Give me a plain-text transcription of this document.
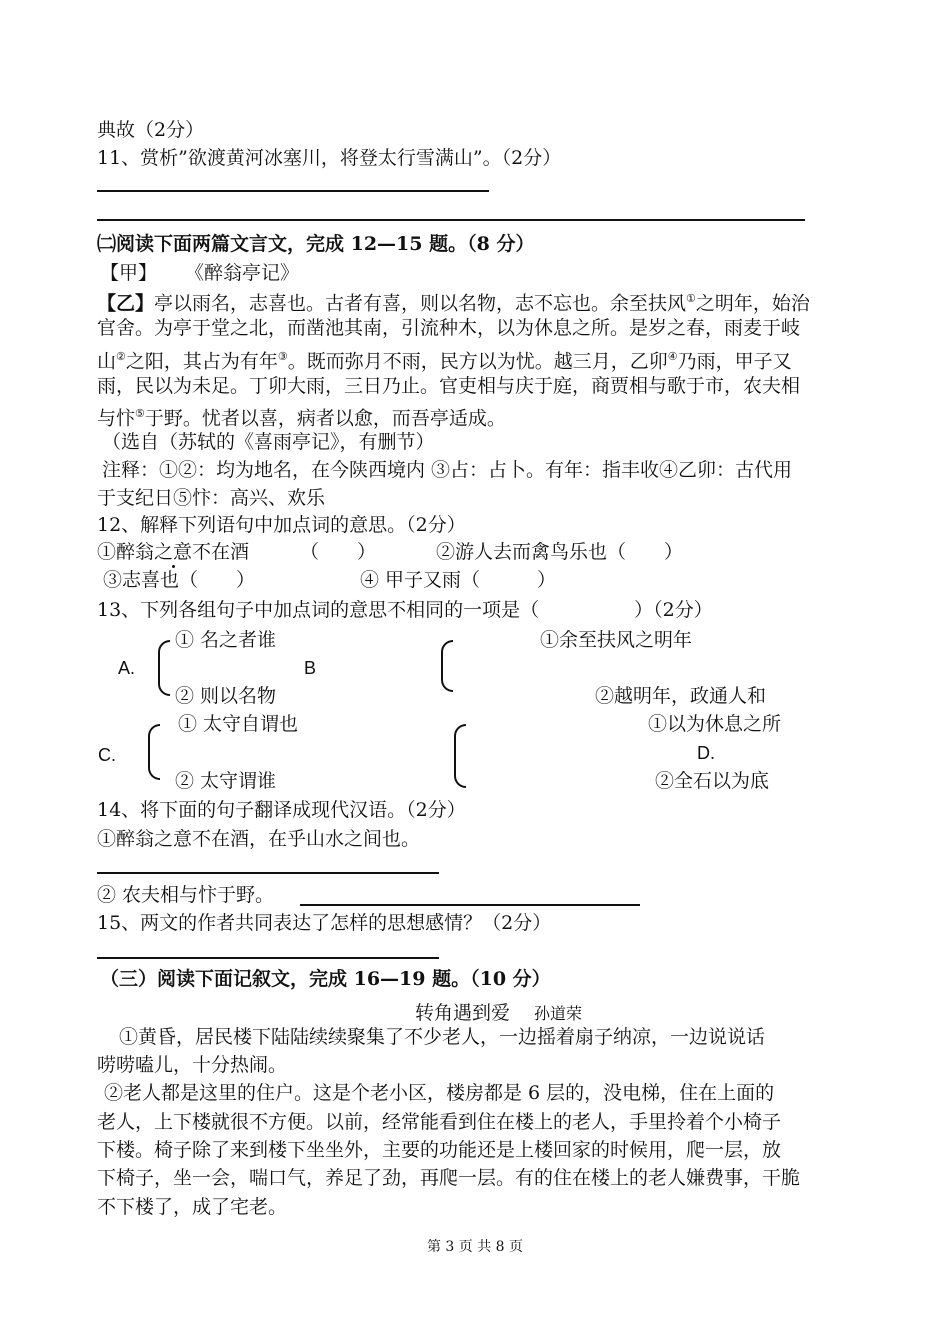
典故（2分）
11、赏析”欲渡黄河冰塞川，将登太行雪满山”。（2分）
㈡阅读下面两篇文言文，完成 12—15 题。（8 分）
【甲】 《醉翁亭记》
【乙】亭以雨名，志喜也。古者有喜，则以名物，志不忘也。余至扶风①之明年，始治
官舍。为亭于堂之北，而凿池其南，引流种木，以为休息之所。是岁之春，雨麦于岐
山②之阳，其占为有年③。既而弥月不雨，民方以为忧。越三月，乙卯④乃雨，甲子又
雨，民以为未足。丁卯大雨，三日乃止。官吏相与庆于庭，商贾相与歌于市，农夫相
与忭⑤于野。忧者以喜，病者以愈，而吾亭适成。
（选自（苏轼的《喜雨亭记》，有删节）
注释：①②：均为地名，在今陕西境内 ③占：占卜。有年：指丰收④乙卯：古代用
于支纪日⑤忭：高兴、欢乐
12、解释下列语句中加点词的意思。（2分）
①醉翁之意不在酒	（　　）	②游人去而禽鸟乐也（　　）
③志喜也（　　）	④ 甲子又雨（　　　）
13、下列各组句子中加点词的意思不相同的一项是（　　　　　）（2分）
A.
① 名之者谁
② 则以名物
B
①余至扶风之明年
②越明年，政通人和
C.
① 太守自谓也
② 太守谓谁
①以为休息之所
D.
②全石以为底
14、将下面的句子翻译成现代汉语。（2分）
①醉翁之意不在酒，在乎山水之间也。
② 农夫相与忭于野。
15、两文的作者共同表达了怎样的思想感情？（2分）
（三）阅读下面记叙文，完成 16—19 题。（10 分）
转角遇到爱 孙道荣
①黄昏，居民楼下陆陆续续聚集了不少老人，一边摇着扇子纳凉，一边说说话
唠唠嗑儿，十分热闹。
②老人都是这里的住户。这是个老小区，楼房都是 6 层的，没电梯，住在上面的
老人，上下楼就很不方便。以前，经常能看到住在楼上的老人，手里拎着个小椅子
下楼。椅子除了来到楼下坐坐外，主要的功能还是上楼回家的时候用，爬一层，放
下椅子，坐一会，喘口气，养足了劲，再爬一层。有的住在楼上的老人嫌费事，干脆
不下楼了，成了宅老。
第 3 页 共 8 页
